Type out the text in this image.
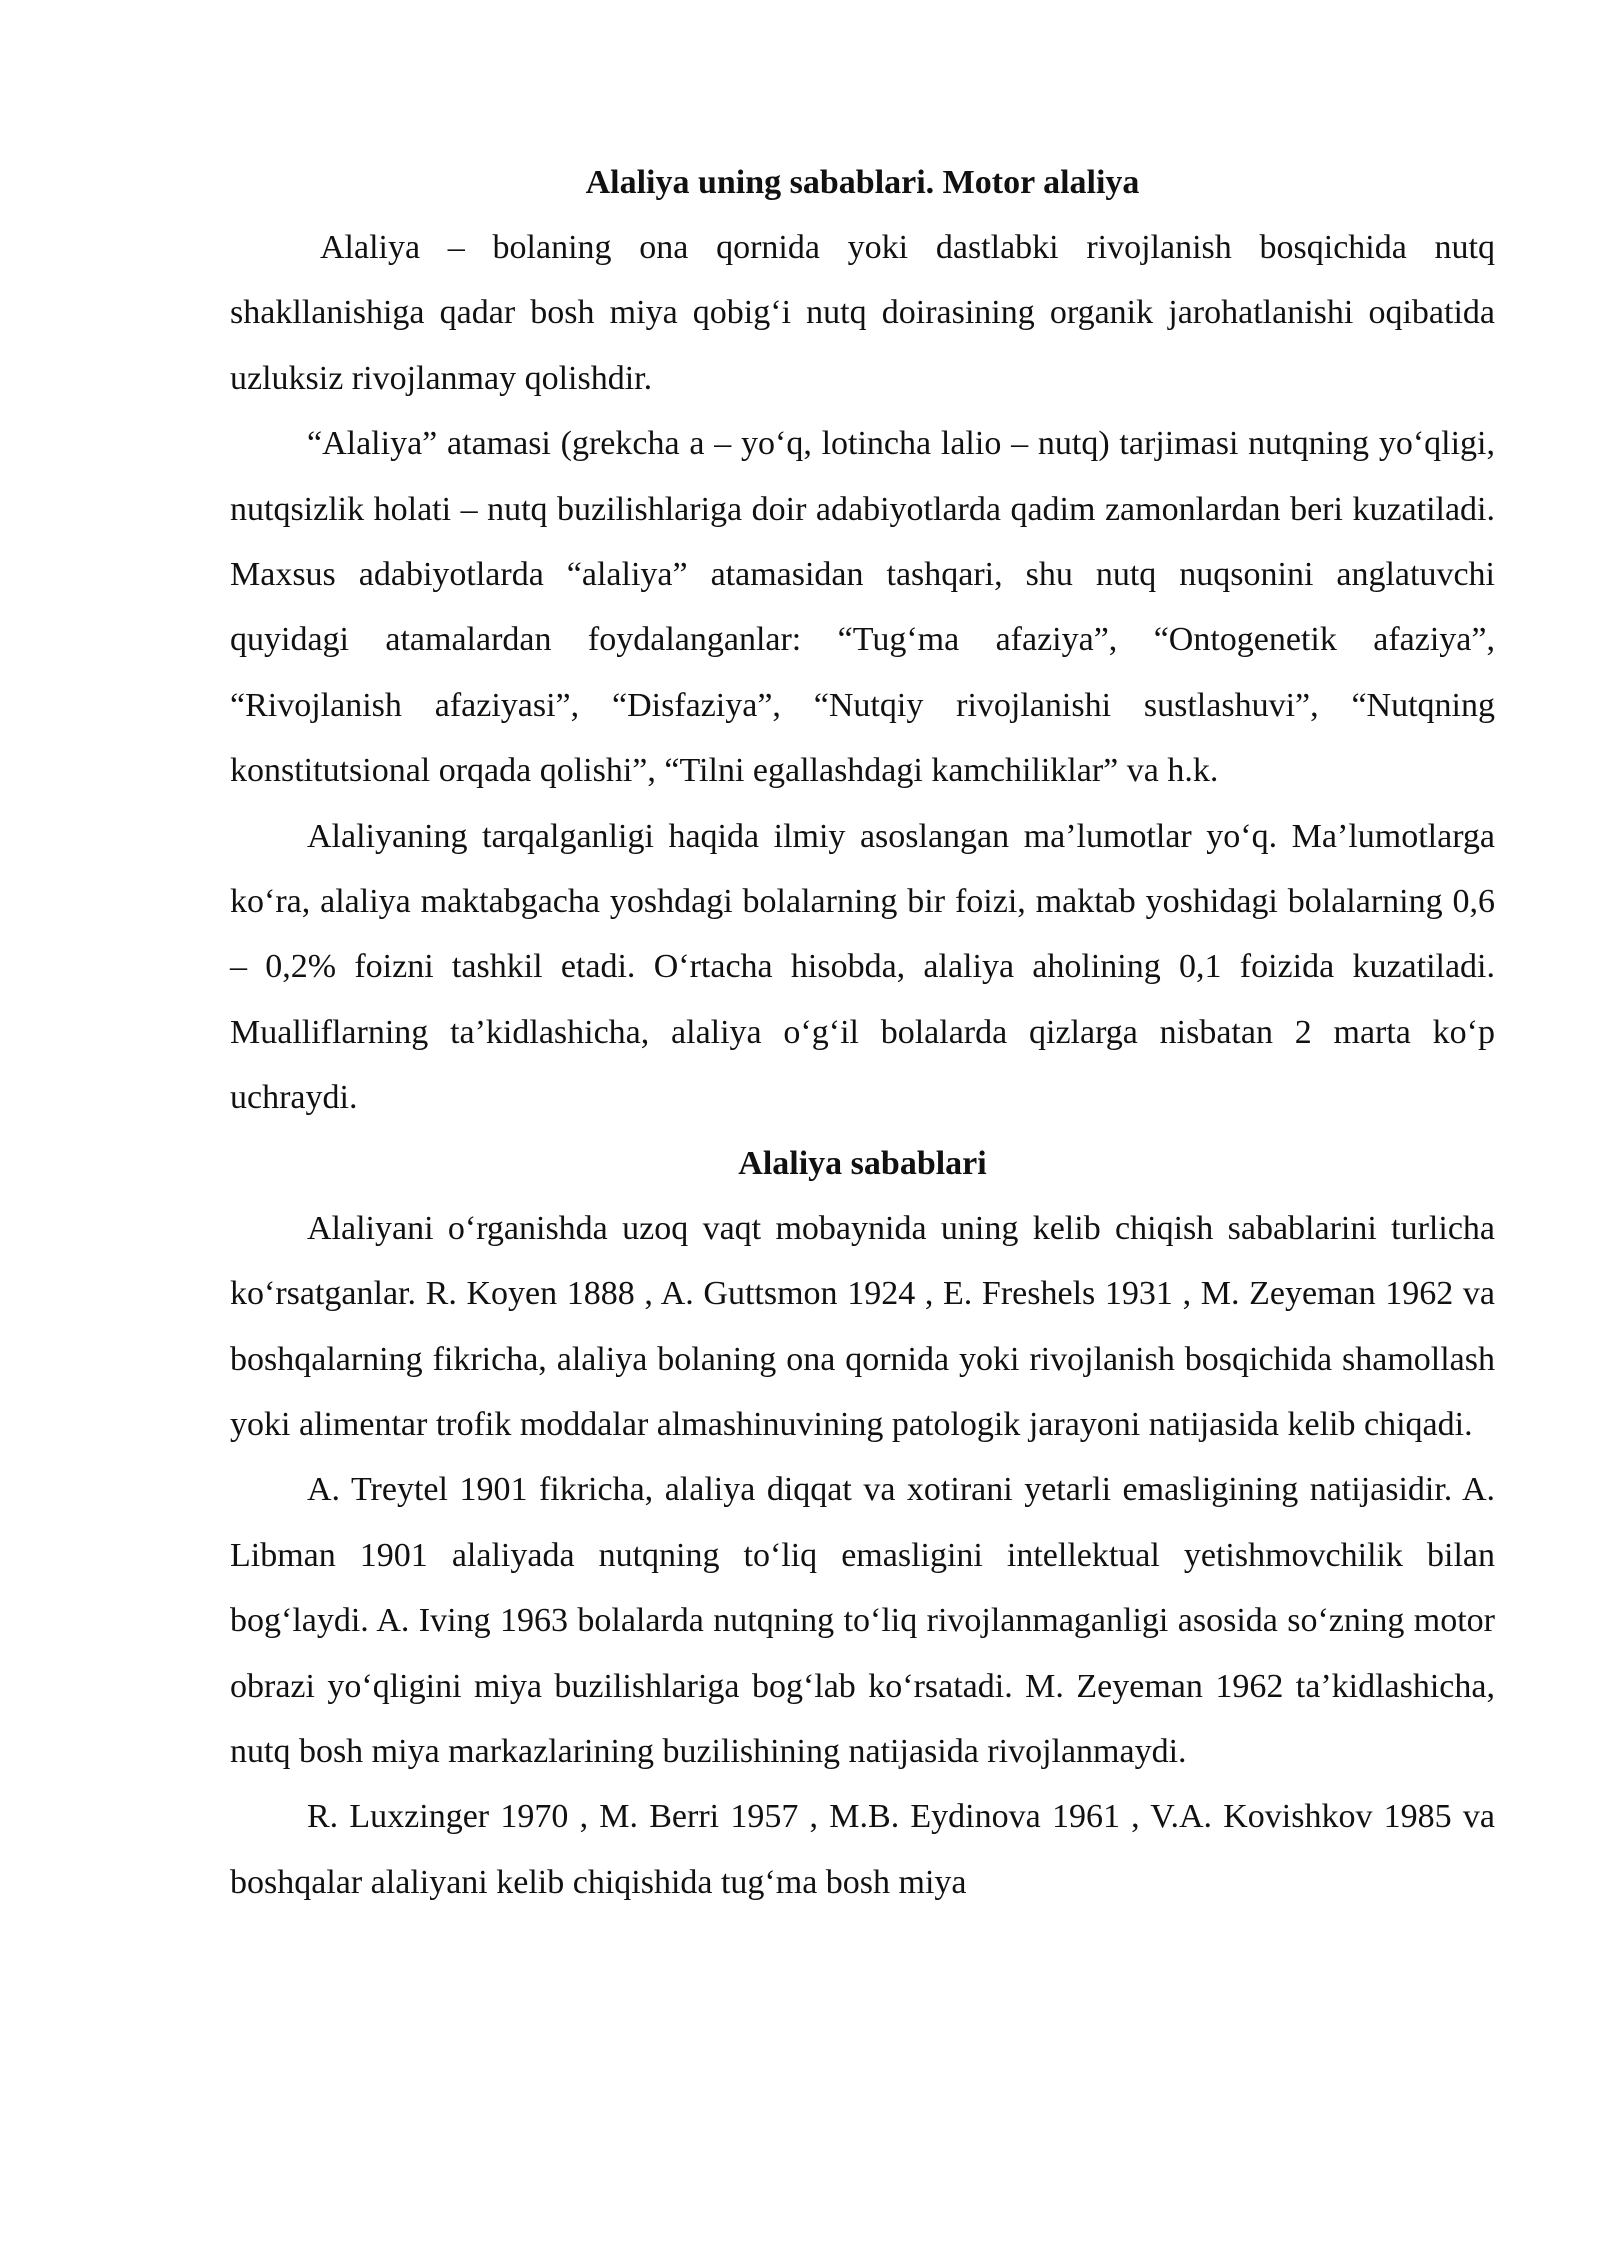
Alaliya uning sabablari. Motor alaliya

Alaliya – bolaning ona qornida yoki dastlabki rivojlanish bosqichida nutq shakllanishiga qadar bosh miya qobig‘i nutq doirasining organik jarohatlanishi oqibatida uzluksiz rivojlanmay qolishdir.

“Alaliya” atamasi (grekcha a – yo‘q, lotincha lalio – nutq) tarjimasi nutqning yo‘qligi, nutqsizlik holati – nutq buzilishlariga doir adabiyotlarda qadim zamonlardan beri kuzatiladi. Maxsus adabiyotlarda “alaliya” atamasidan tashqari, shu nutq nuqsonini anglatuvchi quyidagi atamalardan foydalanganlar: “Tug‘ma afaziya”, “Ontogenetik afaziya”, “Rivojlanish afaziyasi”, “Disfaziya”, “Nutqiy rivojlanishi sustlashuvi”, “Nutqning konstitutsional orqada qolishi”, “Tilni egallashdagi kamchiliklar” va h.k.

Alaliyaning tarqalganligi haqida ilmiy asoslangan ma’lumotlar yo‘q. Ma’lumotlarga ko‘ra, alaliya maktabgacha yoshdagi bolalarning bir foizi, maktab yoshidagi bolalarning 0,6 – 0,2% foizni tashkil etadi. O‘rtacha hisobda, alaliya aholining 0,1 foizida kuzatiladi. Mualliflarning ta’kidlashicha, alaliya o‘g‘il bolalarda qizlarga nisbatan 2 marta ko‘p uchraydi.

Alaliya sabablari

Alaliyani o‘rganishda uzoq vaqt mobaynida uning kelib chiqish sabablarini turlicha ko‘rsatganlar. R. Koyen 1888 , A. Guttsmon 1924 , E. Freshels 1931 , M. Zeyeman 1962 va boshqalarning fikricha, alaliya bolaning ona qornida yoki rivojlanish bosqichida shamollash yoki alimentar trofik moddalar almashinuvining patologik jarayoni natijasida kelib chiqadi.

A. Treytel 1901 fikricha, alaliya diqqat va xotirani yetarli emasligining natijasidir. A. Libman 1901 alaliyada nutqning to‘liq emasligini intellektual yetishmovchilik bilan bog‘laydi. A. Iving 1963 bolalarda nutqning to‘liq rivojlanmaganligi asosida so‘zning motor obrazi yo‘qligini miya buzilishlariga bog‘lab ko‘rsatadi. M. Zeyeman 1962 ta’kidlashicha, nutq bosh miya markazlarining buzilishining natijasida rivojlanmaydi.

R. Luxzinger 1970 , M. Berri 1957 , M.B. Eydinova 1961 , V.A. Kovishkov 1985 va boshqalar alaliyani kelib chiqishida tug‘ma bosh miya
